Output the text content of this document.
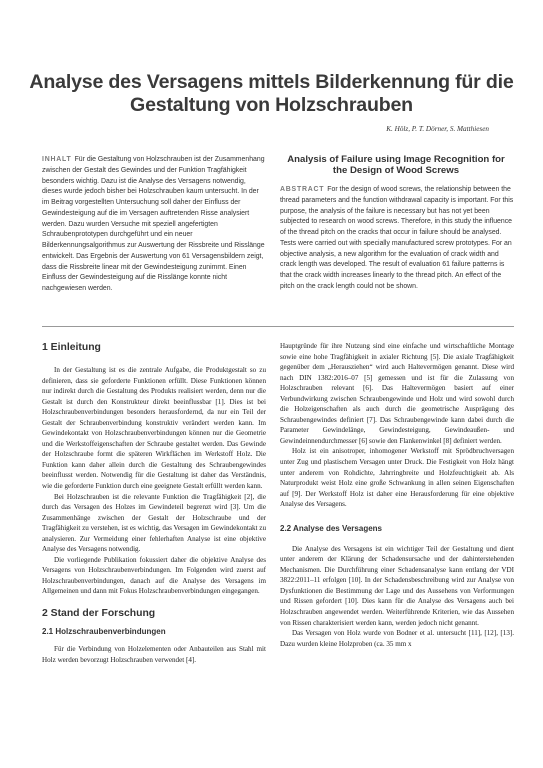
Analyse des Versagens mittels Bilderkennung für die Gestaltung von Holzschrauben
K. Hölz, P. T. Dörner, S. Matthiesen
INHALT Für die Gestaltung von Holzschrauben ist der Zusammenhang zwischen der Gestalt des Gewindes und der Funktion Tragfähigkeit besonders wichtig. Dazu ist die Analyse des Versagens notwendig, dieses wurde jedoch bisher bei Holzschrauben kaum untersucht. In der im Beitrag vorgestellten Untersuchung soll daher der Einfluss der Gewindesteigung auf die im Versagen auftretenden Risse analysiert werden. Dazu wurden Versuche mit speziell angefertigten Schraubenprototypen durchgeführt und ein neuer Bilderkennungsalgorithmus zur Auswertung der Rissbreite und Risslänge entwickelt. Das Ergebnis der Auswertung von 61 Versagensbildern zeigt, dass die Rissbreite linear mit der Gewindesteigung zunimmt. Einen Einfluss der Gewindesteigung auf die Risslänge konnte nicht nachgewiesen werden.
Analysis of Failure using Image Recognition for the Design of Wood Screws
ABSTRACT For the design of wood screws, the relationship between the thread parameters and the function withdrawal capacity is important. For this purpose, the analysis of the failure is necessary but has not yet been subjected to research on wood screws. Therefore, in this study the influence of the thread pitch on the cracks that occur in failure should be analysed. Tests were carried out with specially manufactured screw prototypes. For an objective analysis, a new algorithm for the evaluation of crack width and crack length was developed. The result of evaluation 61 failure patterns is that the crack width increases linearly to the thread pitch. An effect of the pitch on the crack length could not be shown.
1 Einleitung

In der Gestaltung ist es die zentrale Aufgabe, die Produktgestalt so zu definieren, dass sie geforderte Funktionen erfüllt. Diese Funktionen können nur indirekt durch die Gestaltung des Produkts realisiert werden, denn nur die Gestalt ist durch den Konstrukteur direkt beeinflussbar [1]. Dies ist bei Holzschraubenverbindungen besonders herausfordernd, da nur ein Teil der Gestalt der Schraubenverbindung konstruktiv verändert werden kann. Im Gewindekontakt von Holzschraubenverbindungen können nur die Geometrie und die Werkstoffeigenschaften der Schraube gestaltet werden. Das Gewinde der Holzschraube formt die späteren Wirkflächen im Werkstoff Holz. Die Funktion kann daher allein durch die Gestaltung des Schraubengewindes beeinflusst werden. Notwendig für die Gestaltung ist daher das Verständnis, wie die geforderte Funktion durch eine geeignete Gestalt erfüllt werden kann.

Bei Holzschrauben ist die relevante Funktion die Tragfähigkeit [2], die durch das Versagen des Holzes im Gewindeteil begrenzt wird [3]. Um die Zusammenhänge zwischen der Gestalt der Holzschraube und der Tragfähigkeit zu verstehen, ist es wichtig, das Versagen im Gewindekontakt zu analysieren. Zur Vermeidung einer fehlerhaften Analyse ist eine objektive Analyse des Versagens notwendig.

Die vorliegende Publikation fokussiert daher die objektive Analyse des Versagens von Holzschraubenverbindungen. Im Folgenden wird zuerst auf Holzschraubenverbindungen, danach auf die Analyse des Versagens im Allgemeinen und dann mit Fokus Holzschraubenverbindungen eingegangen.

2 Stand der Forschung
2.1 Holzschraubenverbindungen

Für die Verbindung von Holzelementen oder Anbauteilen aus Stahl mit Holz werden bevorzugt Holzschrauben verwendet [4].

Hauptgründe für ihre Nutzung sind eine einfache und wirtschaftliche Montage sowie eine hohe Tragfähigkeit in axialer Richtung [5]. Die axiale Tragfähigkeit gegenüber dem „Herausziehen“ wird auch Haltevermögen genannt. Diese wird nach DIN 1382:2016–07 [5] gemessen und ist für die Zulassung von Holzschrauben relevant [6]. Das Haltevermögen basiert auf einer Verbundwirkung zwischen Schraubengewinde und Holz und wird sowohl durch die Holzeigenschaften als auch durch die geometrische Ausprägung des Schraubengewindes definiert [7]. Das Schraubengewinde kann dabei durch die Parameter Gewindelänge, Gewindesteigung, Gewindeaußen- und Gewindeinnendurchmesser [6] sowie den Flankenwinkel [8] definiert werden.

Holz ist ein anisotroper, inhomogener Werkstoff mit Sprödbruchversagen unter Zug und plastischem Versagen unter Druck. Die Festigkeit von Holz hängt unter anderem von Rohdichte, Jahrringbreite und Holzfeuchtigkeit ab. Als Naturprodukt weist Holz eine große Schwankung in allen seinen Eigenschaften auf [9]. Der Werkstoff Holz ist daher eine Herausforderung für eine objektive Analyse des Versagens.

2.2 Analyse des Versagens

Die Analyse des Versagens ist ein wichtiger Teil der Gestaltung und dient unter anderem der Klärung der Schadensursache und der dahinterstehenden Mechanismen. Die Durchführung einer Schadensanalyse kann entlang der VDI 3822:2011–11 erfolgen [10]. In der Schadensbeschreibung wird zur Analyse von Dysfunktionen die Bestimmung der Lage und des Aussehens von Verformungen und Rissen gefordert [10]. Dies kann für die Analyse des Versagens auch bei Holzschrauben angewendet werden. Weiterführende Kriterien, wie das Aussehen von Rissen charakterisiert werden kann, werden jedoch nicht genannt.

Das Versagen von Holz wurde von Bodner et al. untersucht [11], [12], [13]. Dazu wurden kleine Holzproben (ca. 35 mm x
